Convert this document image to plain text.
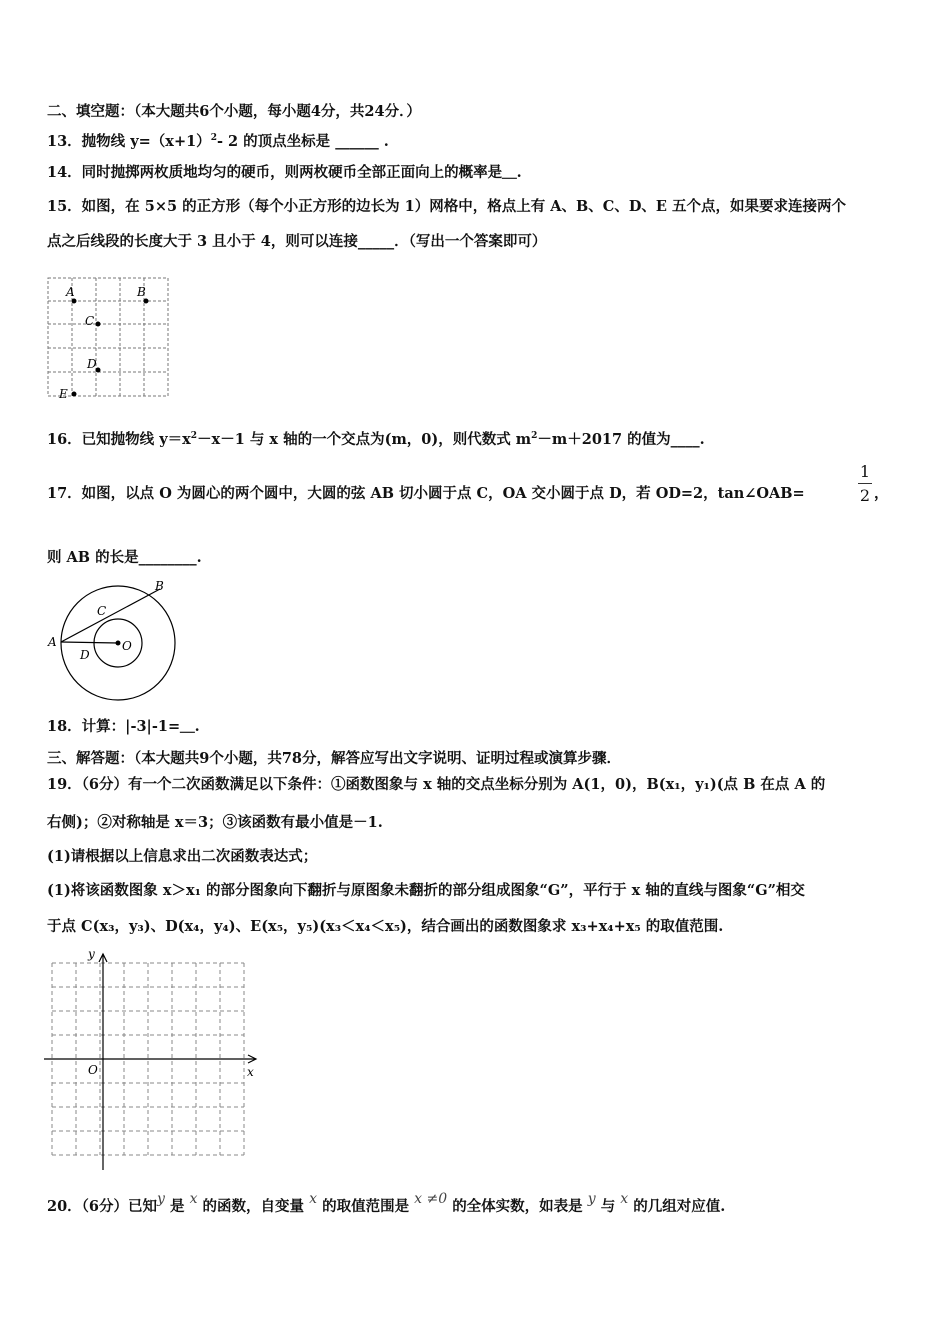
二、填空题：（本大题共6个小题，每小题4分，共24分．）
13．抛物线 $y=(x+1)^2-$ 2 的顶点坐标是 ______ .
14．同时抛掷两枚质地均匀的硬币，则两枚硬币全部正面向上的概率是＿.
15．如图，在 5×5 的正方形（每个小正方形的边长为 1）网格中，格点上有 A、B、C、D、E 五个点，如果要求连接两个
点之后线段的长度大于 3 且小于 4，则可以连接_____．（写出一个答案即可）
A	B
C
D
E
16．已知抛物线 $y=x^2-x-1$ 与 x 轴的一个交点为(m，0)，则代数式 $m^2-m+2017$ 的值为____.
17．如图，以点 O 为圆心的两个圆中，大圆的弦 AB 切小圆于点 C，OA 交小圆于点 D，若 OD=2，tan∠OAB=
1
2 ，
则 AB 的长是________.
A
B
C
D
O
18．计算：|-3|-1=＿.
三、解答题：（本大题共9个小题，共78分，解答应写出文字说明、证明过程或演算步骤．
19．（6分）有一个二次函数满足以下条件：①函数图象与 x 轴的交点坐标分别为 A(1，0)，B(x₁，y₁)(点 B 在点 A 的
右侧)；②对称轴是 x＝3；③该函数有最小值是－1.
(1)请根据以上信息求出二次函数表达式；
(1)将该函数图象 x＞x₁ 的部分图象向下翻折与原图象未翻折的部分组成图象“G”，平行于 x 轴的直线与图象“G”相交
于点 C(x₃，y₃)、D(x₄，y₄)、E(x₅，y₅)(x₃＜x₄＜x₅)，结合画出的函数图象求 x₃+x₄+x₅ 的取值范围.
y
x
O
20．（6分）已知y 是 x 的函数，自变量 x 的取值范围是 x ≠0 的全体实数，如表是 y 与 x 的几组对应值.
